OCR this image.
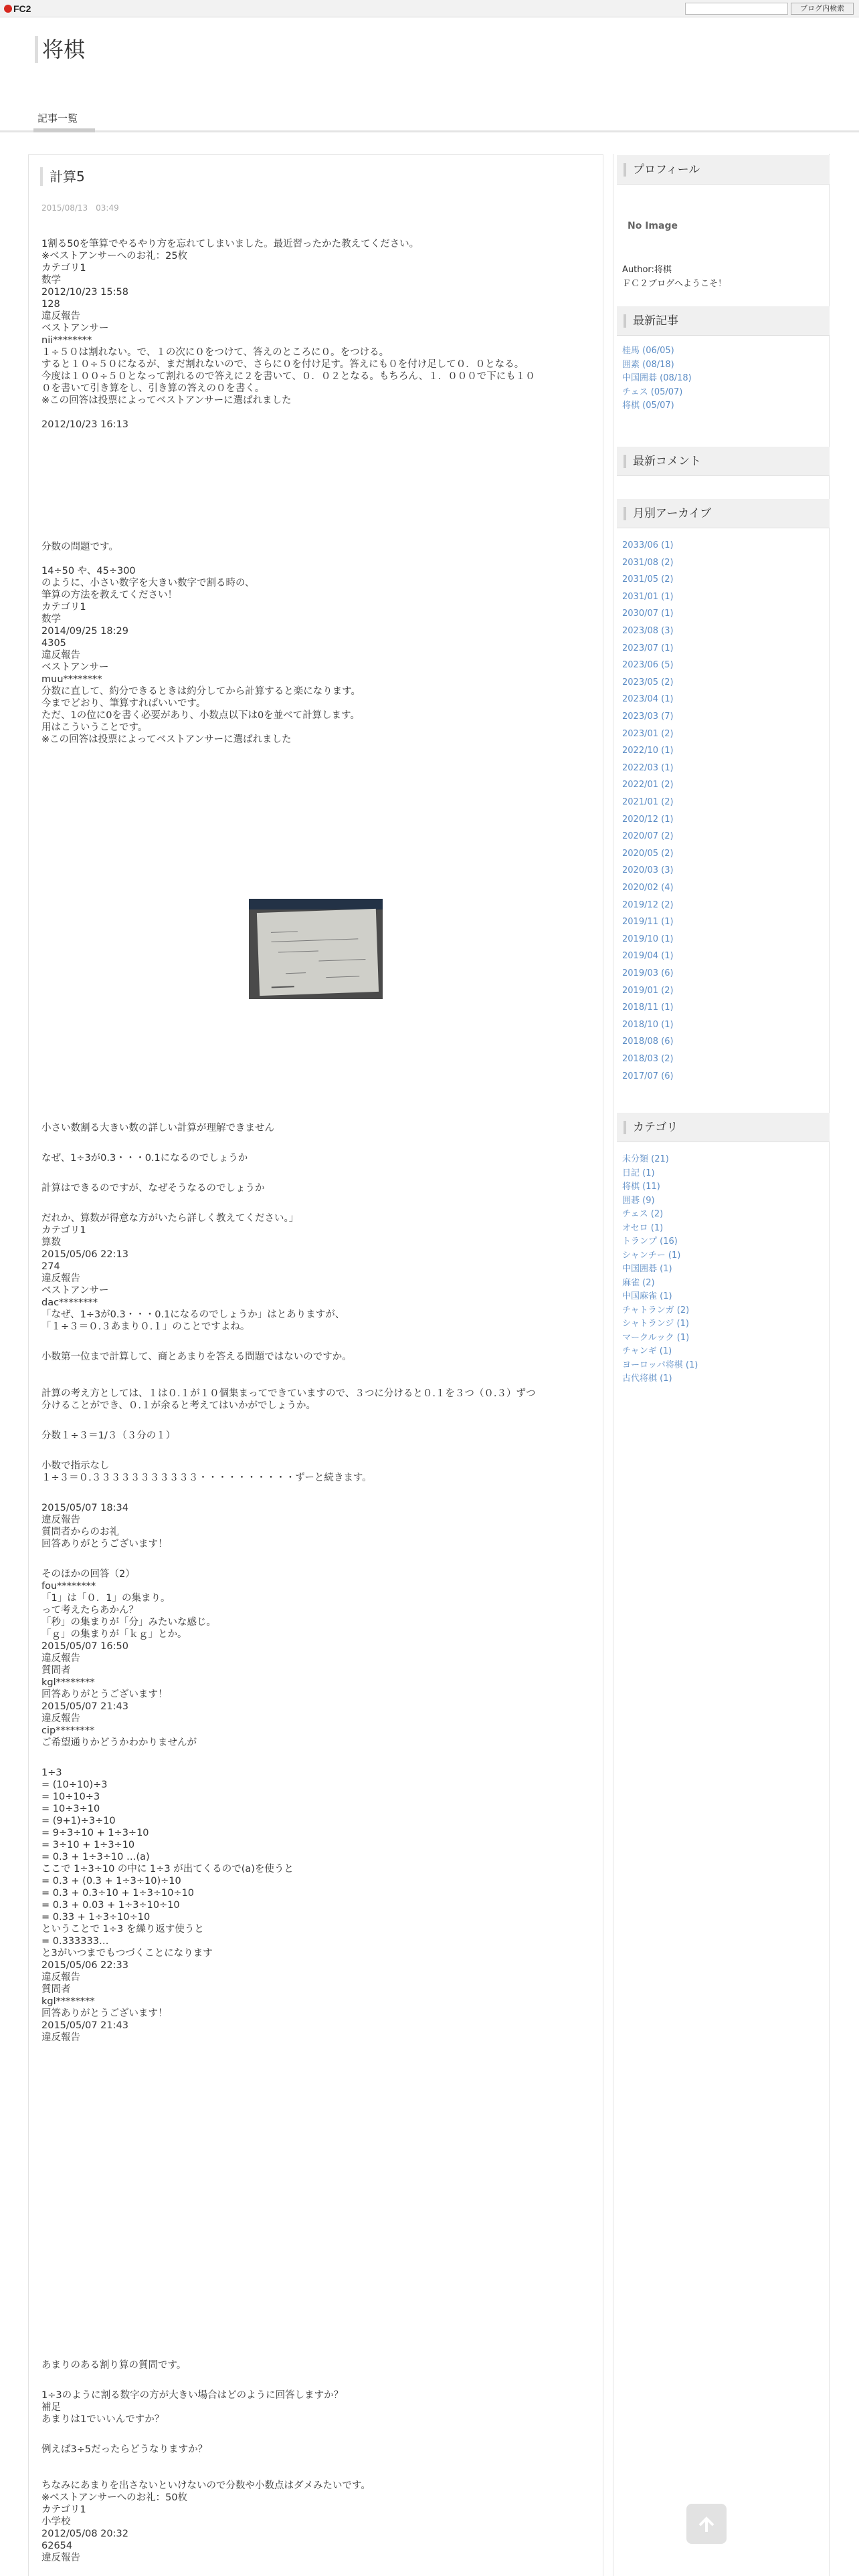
FC2	ブログ内検索
将棋
記事一覧
計算5
2015/08/13　03:49
1割る50を筆算でやるやり方を忘れてしまいました。最近習ったかた教えてください。
※ベストアンサーへのお礼：25枚
カテゴリ1
数学
2012/10/23 15:58
128
違反報告
ベストアンサー
nii********
１÷５０は割れない。で、１の次に０をつけて、答えのところに０。をつける。
すると１０÷５０になるが、まだ割れないので、さらに０を付け足す。答えにも０を付け足して０．０となる。
今度は１００÷５０となって割れるので答えに２を書いて、０．０２となる。もちろん、１．０００で下にも１０
０を書いて引き算をし、引き算の答えの０を書く。
※この回答は投票によってベストアンサーに選ばれました
2012/10/23 16:13
分数の問題です。
14÷50 や、45÷300
のように、小さい数字を大きい数字で割る時の、
筆算の方法を教えてください！
カテゴリ1
数学
2014/09/25 18:29
4305
違反報告
ベストアンサー
muu********
分数に直して、約分できるときは約分してから計算すると楽になります。
今までどおり、筆算すればいいです。
ただ、1の位に0を書く必要があり、小数点以下は0を並べて計算します。
用はこういうことです。
※この回答は投票によってベストアンサーに選ばれました
小さい数割る大きい数の詳しい計算が理解できません
なぜ、1÷3が0.3・・・0.1になるのでしょうか
計算はできるのですが、なぜそうなるのでしょうか
だれか、算数が得意な方がいたら詳しく教えてください。」
カテゴリ1
算数
2015/05/06 22:13
274
違反報告
ベストアンサー
dac********
「なぜ、1÷3が0.3・・・0.1になるのでしょうか」はとありますが、
「１÷３＝０.３あまり０.１」のことですよね。
小数第一位まで計算して、商とあまりを答える問題ではないのですか。
計算の考え方としては、１は０.１が１０個集まってできていますので、３つに分けると０.１を３つ（０.３）ずつ
分けることができ、０.１が余ると考えてはいかがでしょうか。
分数１÷３＝1/３（３分の１）
小数で指示なし
１÷３＝０.３３３３３３３３３３３・・・・・・・・・・ずーと続きます。
2015/05/07 18:34
違反報告
質問者からのお礼
回答ありがとうございます！
そのほかの回答（2）
fou********
「1」は「０．1」の集まり。
って考えたらあかん？
「秒」の集まりが「分」みたいな感じ。
「ｇ」の集まりが「ｋｇ」とか。
2015/05/07 16:50
違反報告
質問者
kgl********
回答ありがとうございます！
2015/05/07 21:43
違反報告
cip********
ご希望通りかどうかわかりませんが
1÷3
= (10÷10)÷3
= 10÷10÷3
= 10÷3÷10
= (9+1)÷3÷10
= 9÷3÷10 + 1÷3÷10
= 3÷10 + 1÷3÷10
= 0.3 + 1÷3÷10 …(a)
ここで 1÷3÷10 の中に 1÷3 が出てくるので(a)を使うと
= 0.3 + (0.3 + 1÷3÷10)÷10
= 0.3 + 0.3÷10 + 1÷3÷10÷10
= 0.3 + 0.03 + 1÷3÷10÷10
= 0.33 + 1÷3÷10÷10
ということで 1÷3 を繰り返す使うと
= 0.333333…
と3がいつまでもつづくことになります
2015/05/06 22:33
違反報告
質問者
kgl********
回答ありがとうございます！
2015/05/07 21:43
違反報告
あまりのある割り算の質問です。
1÷3のように割る数字の方が大きい場合はどのように回答しますか？
補足
あまりは1でいいんですか？
例えば3÷5だったらどうなりますか？
ちなみにあまりを出さないといけないので分数や小数点はダメみたいです。
※ベストアンサーへのお礼：50枚
カテゴリ1
小学校
2012/05/08 20:32
62654
違反報告
プロフィール
No Image
Author:将棋
ＦＣ２ブログへようこそ！
最新記事
桂馬 (06/05)
囲素 (08/18)
中国囲碁 (08/18)
チェス (05/07)
将棋 (05/07)
最新コメント
月別アーカイブ
2033/06 (1)
2031/08 (2)
2031/05 (2)
2031/01 (1)
2030/07 (1)
2023/08 (3)
2023/07 (1)
2023/06 (5)
2023/05 (2)
2023/04 (1)
2023/03 (7)
2023/01 (2)
2022/10 (1)
2022/03 (1)
2022/01 (2)
2021/01 (2)
2020/12 (1)
2020/07 (2)
2020/05 (2)
2020/03 (3)
2020/02 (4)
2019/12 (2)
2019/11 (1)
2019/10 (1)
2019/04 (1)
2019/03 (6)
2019/01 (2)
2018/11 (1)
2018/10 (1)
2018/08 (6)
2018/03 (2)
2017/07 (6)
カテゴリ
未分類 (21)
日記 (1)
将棋 (11)
囲碁 (9)
チェス (2)
オセロ (1)
トランプ (16)
シャンチー (1)
中国囲碁 (1)
麻雀 (2)
中国麻雀 (1)
チャトランガ (2)
シャトランジ (1)
マークルック (1)
チャンギ (1)
ヨーロッパ将棋 (1)
古代将棋 (1)
